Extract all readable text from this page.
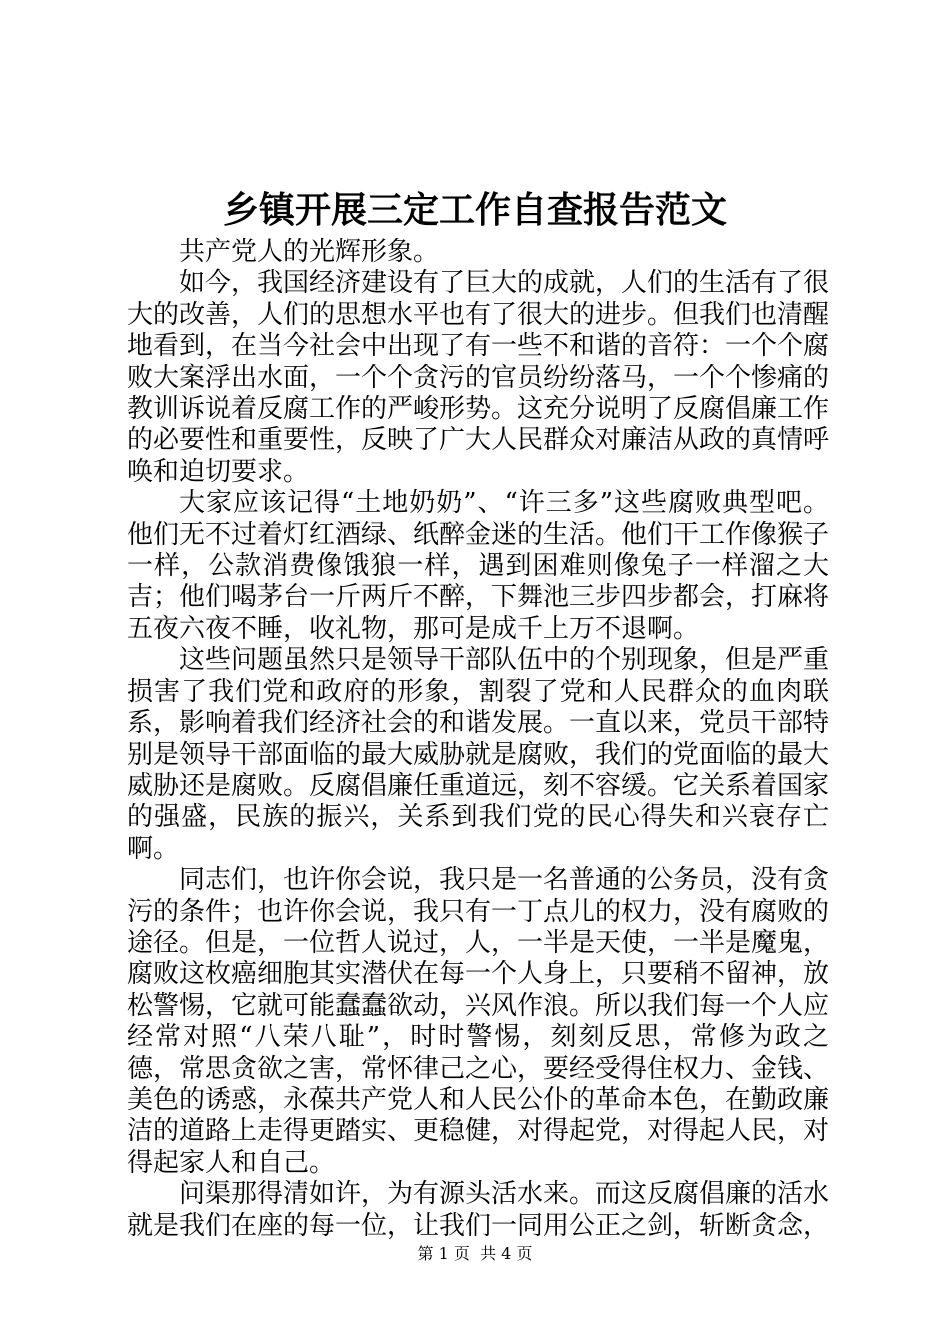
乡镇开展三定工作自查报告范文

共产党人的光辉形象。

如今，我国经济建设有了巨大的成就，人们的生活有了很大的改善，人们的思想水平也有了很大的进步。但我们也清醒地看到，在当今社会中出现了有一些不和谐的音符：一个个腐败大案浮出水面，一个个贪污的官员纷纷落马，一个个惨痛的教训诉说着反腐工作的严峻形势。这充分说明了反腐倡廉工作的必要性和重要性，反映了广大人民群众对廉洁从政的真情呼唤和迫切要求。

大家应该记得“土地奶奶”、“许三多”这些腐败典型吧。他们无不过着灯红酒绿、纸醉金迷的生活。他们干工作像猴子一样，公款消费像饿狼一样，遇到困难则像兔子一样溜之大吉；他们喝茅台一斤两斤不醉，下舞池三步四步都会，打麻将五夜六夜不睡，收礼物，那可是成千上万不退啊。

这些问题虽然只是领导干部队伍中的个别现象，但是严重损害了我们党和政府的形象，割裂了党和人民群众的血肉联系，影响着我们经济社会的和谐发展。一直以来，党员干部特别是领导干部面临的最大威胁就是腐败，我们的党面临的最大威胁还是腐败。反腐倡廉任重道远，刻不容缓。它关系着国家的强盛，民族的振兴，关系到我们党的民心得失和兴衰存亡啊。

同志们，也许你会说，我只是一名普通的公务员，没有贪污的条件；也许你会说，我只有一丁点儿的权力，没有腐败的途径。但是，一位哲人说过，人，一半是天使，一半是魔鬼，腐败这枚癌细胞其实潜伏在每一个人身上，只要稍不留神，放松警惕，它就可能蠢蠢欲动，兴风作浪。所以我们每一个人应经常对照“八荣八耻”，时时警惕，刻刻反思，常修为政之德，常思贪欲之害，常怀律己之心，要经受得住权力、金钱、美色的诱惑，永葆共产党人和人民公仆的革命本色，在勤政廉洁的道路上走得更踏实、更稳健，对得起党，对得起人民，对得起家人和自己。

问渠那得清如许，为有源头活水来。而这反腐倡廉的活水就是我们在座的每一位，让我们一同用公正之剑，斩断贪念，

第 1 页  共 4 页
